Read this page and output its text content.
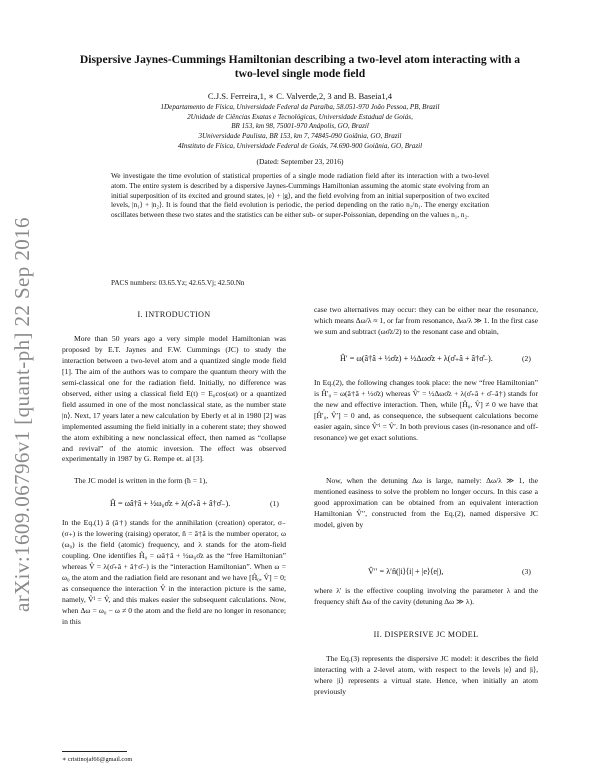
arXiv:1609.06796v1 [quant-ph] 22 Sep 2016
Dispersive Jaynes-Cummings Hamiltonian describing a two-level atom interacting with a two-level single mode field
C.J.S. Ferreira,1, ∗ C. Valverde,2, 3 and B. Baseia1,4
1Departamento de Física, Universidade Federal da Paraíba, 58.051-970 João Pessoa, PB, Brazil
2Unidade de Ciências Exatas e Tecnológicas, Universidade Estadual de Goiás,
BR 153, km 98, 75001-970 Anápolis, GO, Brazil
3Universidade Paulista, BR 153, km 7, 74845-090 Goiânia, GO, Brazil
4Instituto de Física, Universidade Federal de Goiás, 74.690-900 Goiânia, GO, Brazil
(Dated: September 23, 2016)
We investigate the time evolution of statistical properties of a single mode radiation field after its interaction with a two-level atom. The entire system is described by a dispersive Jaynes-Cummings Hamiltonian assuming the atomic state evolving from an initial superposition of its excited and ground states, |e⟩ + |g⟩, and the field evolving from an initial superposition of two excited levels, |n₁⟩ + |n₂⟩. It is found that the field evolution is periodic, the period depending on the ratio n₂/n₁. The energy excitation oscillates between these two states and the statistics can be either sub- or super-Poissonian, depending on the values n₁, n₂.
PACS numbers: 03.65.Yz; 42.65.Vj; 42.50.Nn
I. INTRODUCTION
More than 50 years ago a very simple model Hamiltonian was proposed by E.T. Jaynes and F.W. Cummings (JC) to study the interaction between a two-level atom and a quantized single mode field [1]. The aim of the authors was to compare the quantum theory with the semi-classical one for the radiation field. Initially, no difference was observed, either using a classical field E(t) = E₀cos(ωt) or a quantized field assumed in one of the most nonclassical state, as the number state |n⟩. Next, 17 years later a new calculation by Eberly et al in 1980 [2] was implemented assuming the field initially in a coherent state; they showed the atom exhibiting a new nonclassical effect, then named as “collapse and revival” of the atomic inversion. The effect was observed experimentally in 1987 by G. Rempe et. al [3].
The JC model is written in the form (ħ = 1),
Ĥ = ωâ†â + ½ω₀σ̂z + λ(σ̂₊â + â†σ̂₋).	(1)
In the Eq.(1) â (â†) stands for the annihilation (creation) operator, σ₋ (σ₊) is the lowering (raising) operator, n̂ = â†â is the number operator, ω (ω₀) is the field (atomic) frequency, and λ stands for the atom-field coupling. One identifies Ĥ₀ = ωâ†â + ½ω₀σ̂z as the “free Hamiltonian” whereas V̂ = λ(σ̂₊â + â†σ̂₋) is the “interaction Hamiltonian”. When ω = ω₀ the atom and the radiation field are resonant and we have [Ĥ₀, V̂] = 0; as consequence the interaction V̂ in the interaction picture is the same, namely, V̂ᴵ = V̂, and this makes easier the subsequent calculations. Now, when Δω = ω₀ − ω ≠ 0 the atom and the field are no longer in resonance; in this
∗ cristinojaf66@gmail.com
case two alternatives may occur: they can be either near the resonance, which means Δω/λ ≈ 1, or far from resonance, Δω/λ ≫ 1. In the first case we sum and subtract (ωσ̂z/2) to the resonant case and obtain,
Ĥ′ = ω(â†â + ½σ̂z) + ½Δωσ̂z + λ(σ̂₊â + â†σ̂₋).	(2)
In Eq.(2), the following changes took place: the new “free Hamiltonian” is Ĥ′₀ = ω(â†â + ½σ̂z) whereas V̂′ = ½Δωσ̂z + λ(σ̂₊â + σ̂₋â†) stands for the new and effective interaction. Then, while [Ĥ₀, V̂] ≠ 0 we have that [Ĥ′₀, V̂′] = 0 and, as consequence, the subsequent calculations become easier again, since V̂′ᴵ = V̂′. In both previous cases (in-resonance and off-resonance) we get exact solutions.
Now, when the detuning Δω is large, namely: Δω/λ ≫ 1, the mentioned easiness to solve the problem no longer occurs. In this case a good approximation can be obtained from an equivalent interaction Hamiltonian V̂′′, constructed from the Eq.(2), named dispersive JC model, given by
V̂′′ = λ′n̂(|i⟩⟨i| + |e⟩⟨e|),	(3)
where λ′ is the effective coupling involving the parameter λ and the frequency shift Δω of the cavity (detuning Δω ≫ λ).
II. DISPERSIVE JC MODEL
The Eq.(3) represents the dispersive JC model: it describes the field interacting with a 2-level atom, with respect to the levels |e⟩ and |i⟩, where |i⟩ represents a virtual state. Hence, when initially an atom previously
